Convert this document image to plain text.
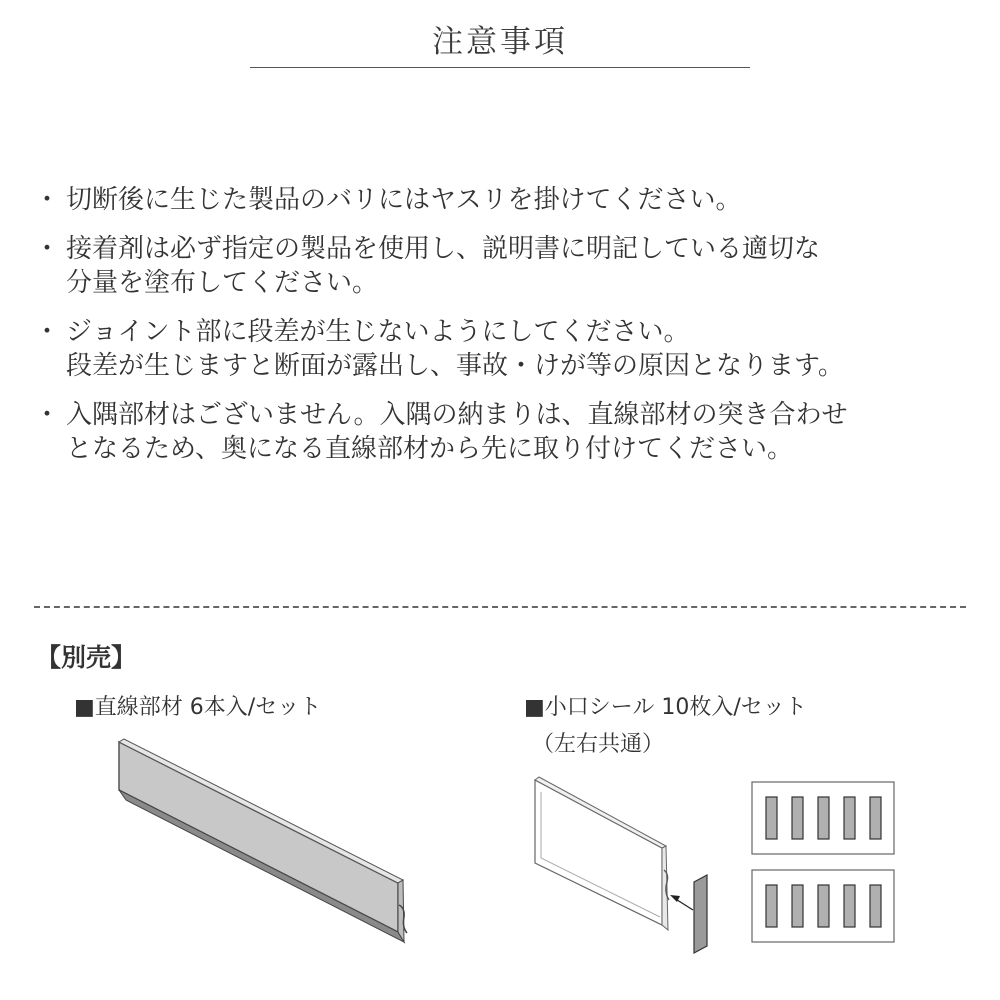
注意事項
・ 切断後に生じた製品のバリにはヤスリを掛けてください。
・ 接着剤は必ず指定の製品を使用し、説明書に明記している適切な
分量を塗布してください。
・ ジョイント部に段差が生じないようにしてください。
段差が生じますと断面が露出し、事故・けが等の原因となります。
・ 入隅部材はございません。入隅の納まりは、直線部材の突き合わせ
となるため、奥になる直線部材から先に取り付けてください。
【別売】
■直線部材 6本入/セット	■小口シール 10枚入/セット
（左右共通）
